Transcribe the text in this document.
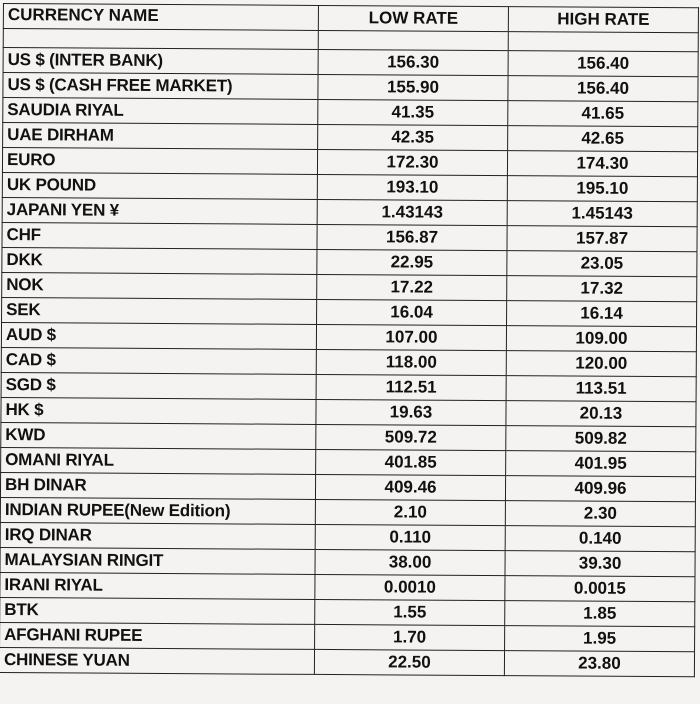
CURRENCY NAME	LOW RATE	HIGH RATE

US $ (INTER BANK)	156.30	156.40
US $ (CASH FREE MARKET)	155.90	156.40
SAUDIA RIYAL	41.35	41.65
UAE DIRHAM	42.35	42.65
EURO	172.30	174.30
UK POUND	193.10	195.10
JAPANI YEN ¥	1.43143	1.45143
CHF	156.87	157.87
DKK	22.95	23.05
NOK	17.22	17.32
SEK	16.04	16.14
AUD $	107.00	109.00
CAD $	118.00	120.00
SGD $	112.51	113.51
HK $	19.63	20.13
KWD	509.72	509.82
OMANI RIYAL	401.85	401.95
BH DINAR	409.46	409.96
INDIAN RUPEE(New Edition)	2.10	2.30
IRQ DINAR	0.110	0.140
MALAYSIAN RINGIT	38.00	39.30
IRANI RIYAL	0.0010	0.0015
BTK	1.55	1.85
AFGHANI RUPEE	1.70	1.95
CHINESE YUAN	22.50	23.80
